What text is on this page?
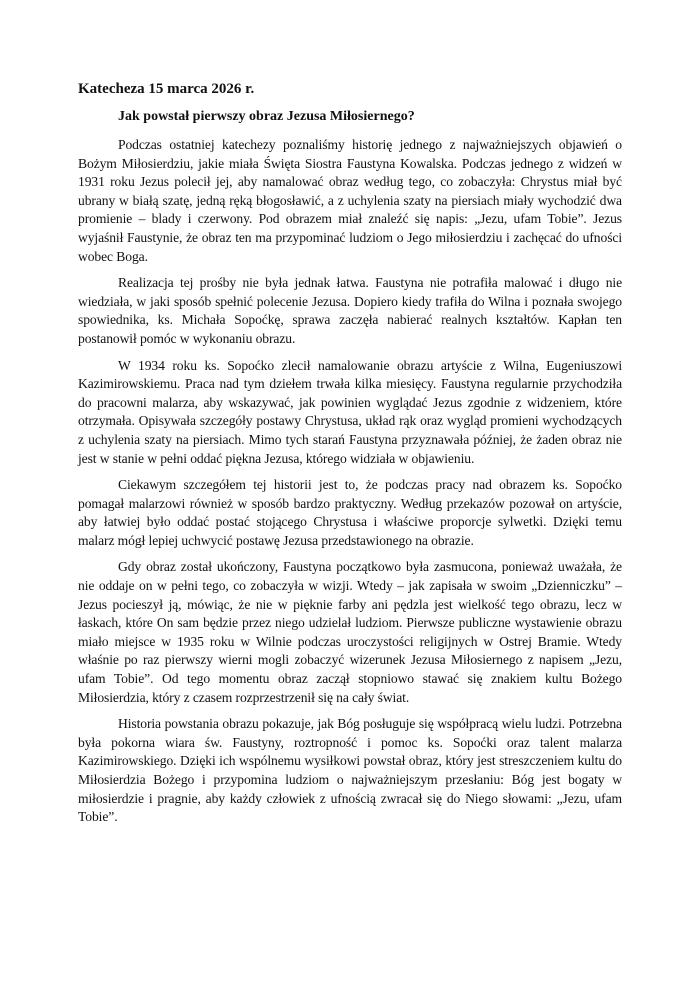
Katecheza 15 marca 2026 r.
Jak powstał pierwszy obraz Jezusa Miłosiernego?

Podczas ostatniej katechezy poznaliśmy historię jednego z najważniejszych objawień o Bożym Miłosierdziu, jakie miała Święta Siostra Faustyna Kowalska. Podczas jednego z widzeń w 1931 roku Jezus polecił jej, aby namalować obraz według tego, co zobaczyła: Chrystus miał być ubrany w białą szatę, jedną ręką błogosławić, a z uchylenia szaty na piersiach miały wychodzić dwa promienie – blady i czerwony. Pod obrazem miał znaleźć się napis: „Jezu, ufam Tobie”. Jezus wyjaśnił Faustynie, że obraz ten ma przypominać ludziom o Jego miłosierdziu i zachęcać do ufności wobec Boga.

Realizacja tej prośby nie była jednak łatwa. Faustyna nie potrafiła malować i długo nie wiedziała, w jaki sposób spełnić polecenie Jezusa. Dopiero kiedy trafiła do Wilna i poznała swojego spowiednika, ks. Michała Sopoćkę, sprawa zaczęła nabierać realnych kształtów. Kapłan ten postanowił pomóc w wykonaniu obrazu.

W 1934 roku ks. Sopoćko zlecił namalowanie obrazu artyście z Wilna, Eugeniuszowi Kazimirowskiemu. Praca nad tym dziełem trwała kilka miesięcy. Faustyna regularnie przychodziła do pracowni malarza, aby wskazywać, jak powinien wyglądać Jezus zgodnie z widzeniem, które otrzymała. Opisywała szczegóły postawy Chrystusa, układ rąk oraz wygląd promieni wychodzących z uchylenia szaty na piersiach. Mimo tych starań Faustyna przyznawała później, że żaden obraz nie jest w stanie w pełni oddać piękna Jezusa, którego widziała w objawieniu.

Ciekawym szczegółem tej historii jest to, że podczas pracy nad obrazem ks. Sopoćko pomagał malarzowi również w sposób bardzo praktyczny. Według przekazów pozował on artyście, aby łatwiej było oddać postać stojącego Chrystusa i właściwe proporcje sylwetki. Dzięki temu malarz mógł lepiej uchwycić postawę Jezusa przedstawionego na obrazie.

Gdy obraz został ukończony, Faustyna początkowo była zasmucona, ponieważ uważała, że nie oddaje on w pełni tego, co zobaczyła w wizji. Wtedy – jak zapisała w swoim „Dzienniczku” – Jezus pocieszył ją, mówiąc, że nie w pięknie farby ani pędzla jest wielkość tego obrazu, lecz w łaskach, które On sam będzie przez niego udzielał ludziom. Pierwsze publiczne wystawienie obrazu miało miejsce w 1935 roku w Wilnie podczas uroczystości religijnych w Ostrej Bramie. Wtedy właśnie po raz pierwszy wierni mogli zobaczyć wizerunek Jezusa Miłosiernego z napisem „Jezu, ufam Tobie”. Od tego momentu obraz zaczął stopniowo stawać się znakiem kultu Bożego Miłosierdzia, który z czasem rozprzestrzenił się na cały świat.

Historia powstania obrazu pokazuje, jak Bóg posługuje się współpracą wielu ludzi. Potrzebna była pokorna wiara św. Faustyny, roztropność i pomoc ks. Sopoćki oraz talent malarza Kazimirowskiego. Dzięki ich wspólnemu wysiłkowi powstał obraz, który jest streszczeniem kultu do Miłosierdzia Bożego i przypomina ludziom o najważniejszym przesłaniu: Bóg jest bogaty w miłosierdzie i pragnie, aby każdy człowiek z ufnością zwracał się do Niego słowami: „Jezu, ufam Tobie”.
